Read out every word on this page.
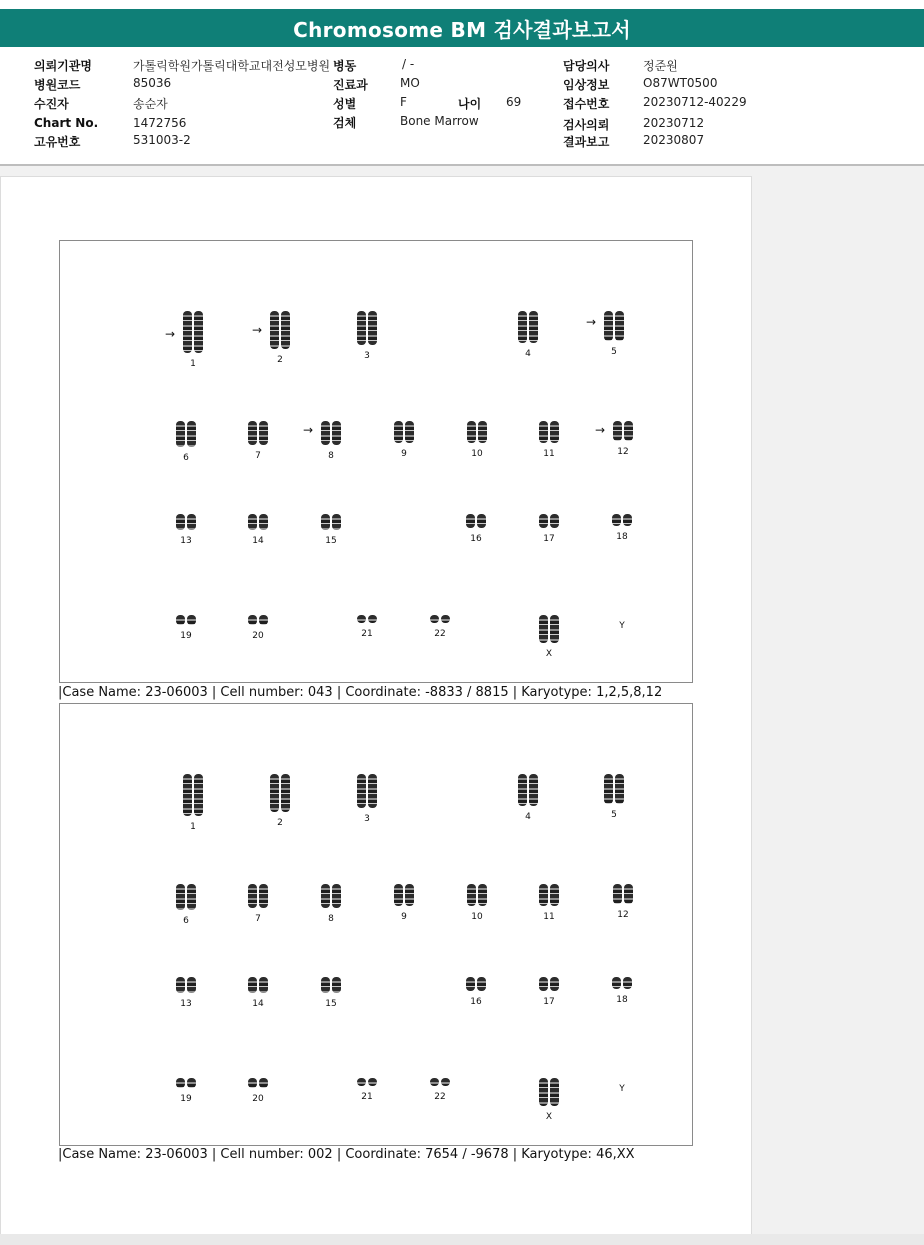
Chromosome BM 검사결과보고서
의뢰기관명	가톨릭학원가톨릭대학교대전성모병원
병원코드	85036
수진자	송순자
Chart No.	1472756
고유번호	531003-2
병동	/ -
진료과	MO
성별	F	나이 69
검체	Bone Marrow
담당의사	정준원
임상정보	O87WT0500
접수번호	20230712-40229
검사의뢰	20230712
결과보고	20230807
1
→
2
→
3	4	5
→
6	7	8
→
9	10	11	12
→
13	14	15	16	17	18
19	20	21	22
X
Y
|Case Name: 23-06003 | Cell number: 043 | Coordinate: -8833 / 8815 | Karyotype: 1,2,5,8,12
1	2	3	4	5
6	7	8	9	10	11	12
13	14	15	16	17	18
19	20	21	22
X
Y
|Case Name: 23-06003 | Cell number: 002 | Coordinate: 7654 / -9678 | Karyotype: 46,XX
